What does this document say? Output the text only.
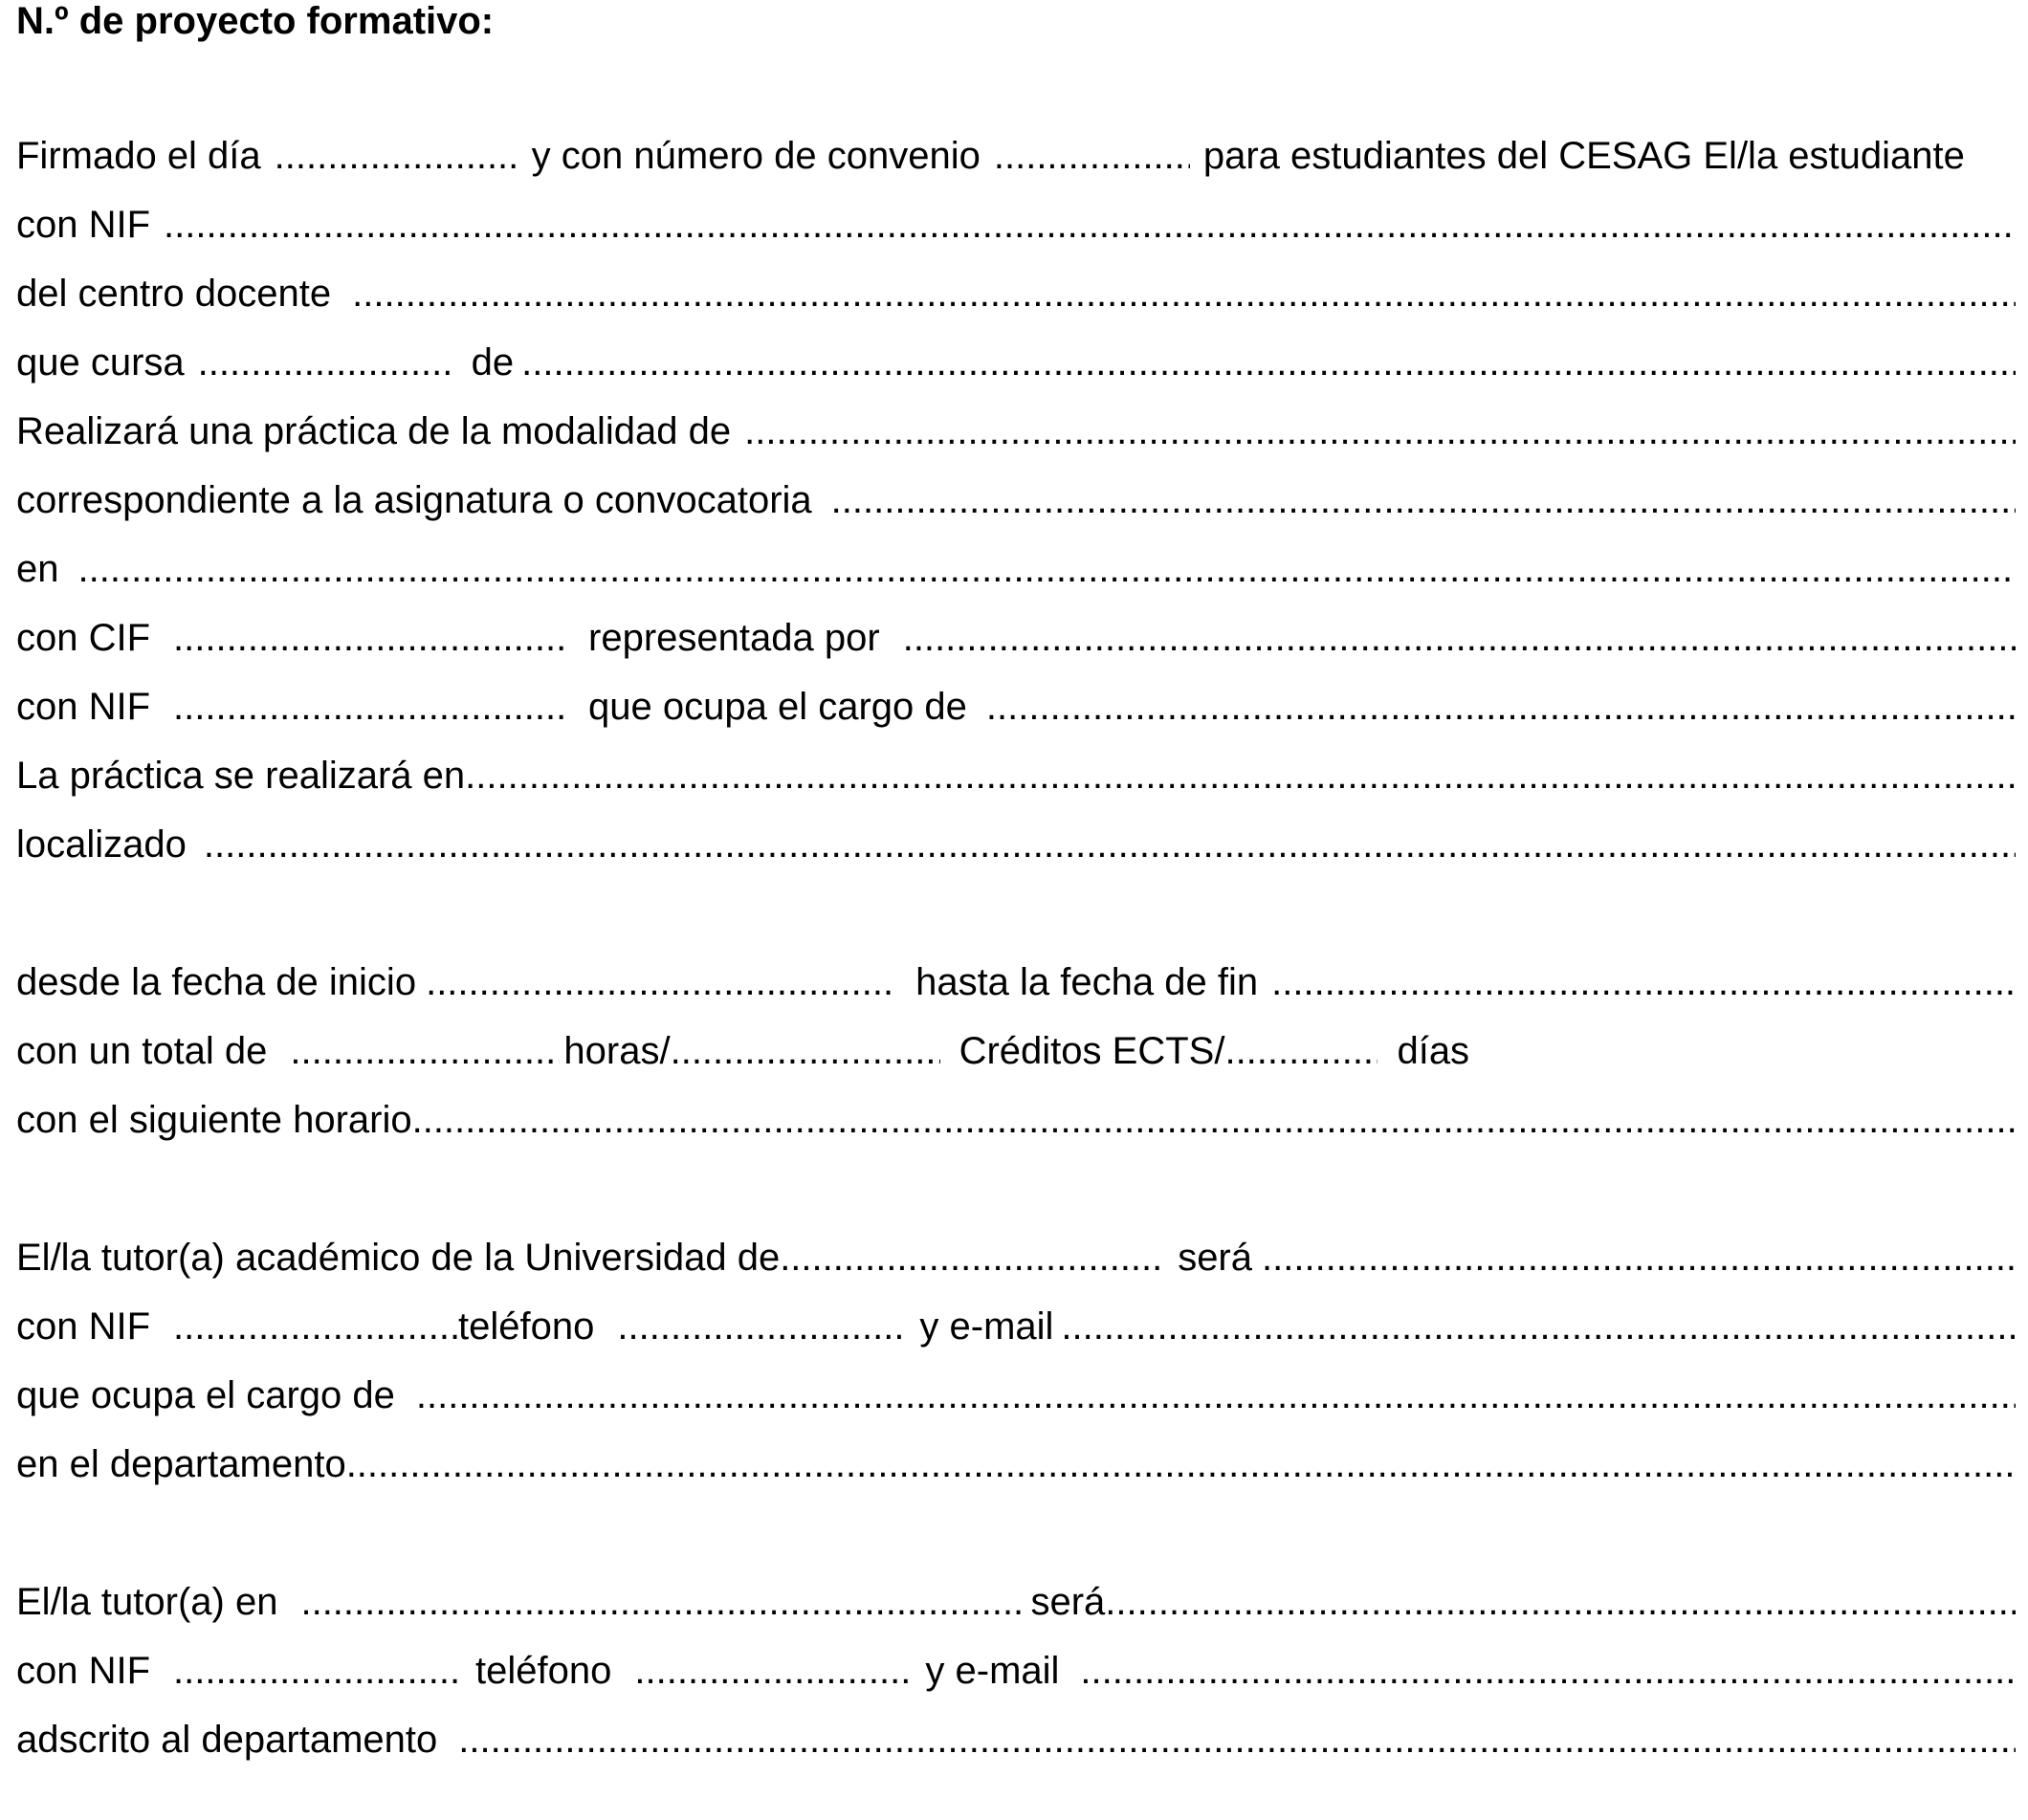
N.º de proyecto formativo:
Firmado el día .....	y con número de convenio .....	para estudiantes del CESAG El/la estudiante
con NIF
.....
del centro docente
.....
que cursa .....	de
.....
Realizará una práctica de la modalidad de
.....
correspondiente a la asignatura o convocatoria
.....
en
.....
con CIF .....	representada por
.....
con NIF .....	que ocupa el cargo de
.....
La práctica se realizará en
.....
localizado
.....
desde la fecha de inicio .....	hasta la fecha de fin
.....
con un total de .....	horas/ .....	Créditos ECTS/ .....	días
con el siguiente horario
.....
El/la tutor(a) académico de la Universidad de .....	será
.....
con NIF .....	teléfono .....	y e-mail
.....
que ocupa el cargo de
.....
en el departamento
.....
El/la tutor(a) en .....	será
.....
con NIF .....	teléfono .....	y e-mail
.....
adscrito al departamento
.....
